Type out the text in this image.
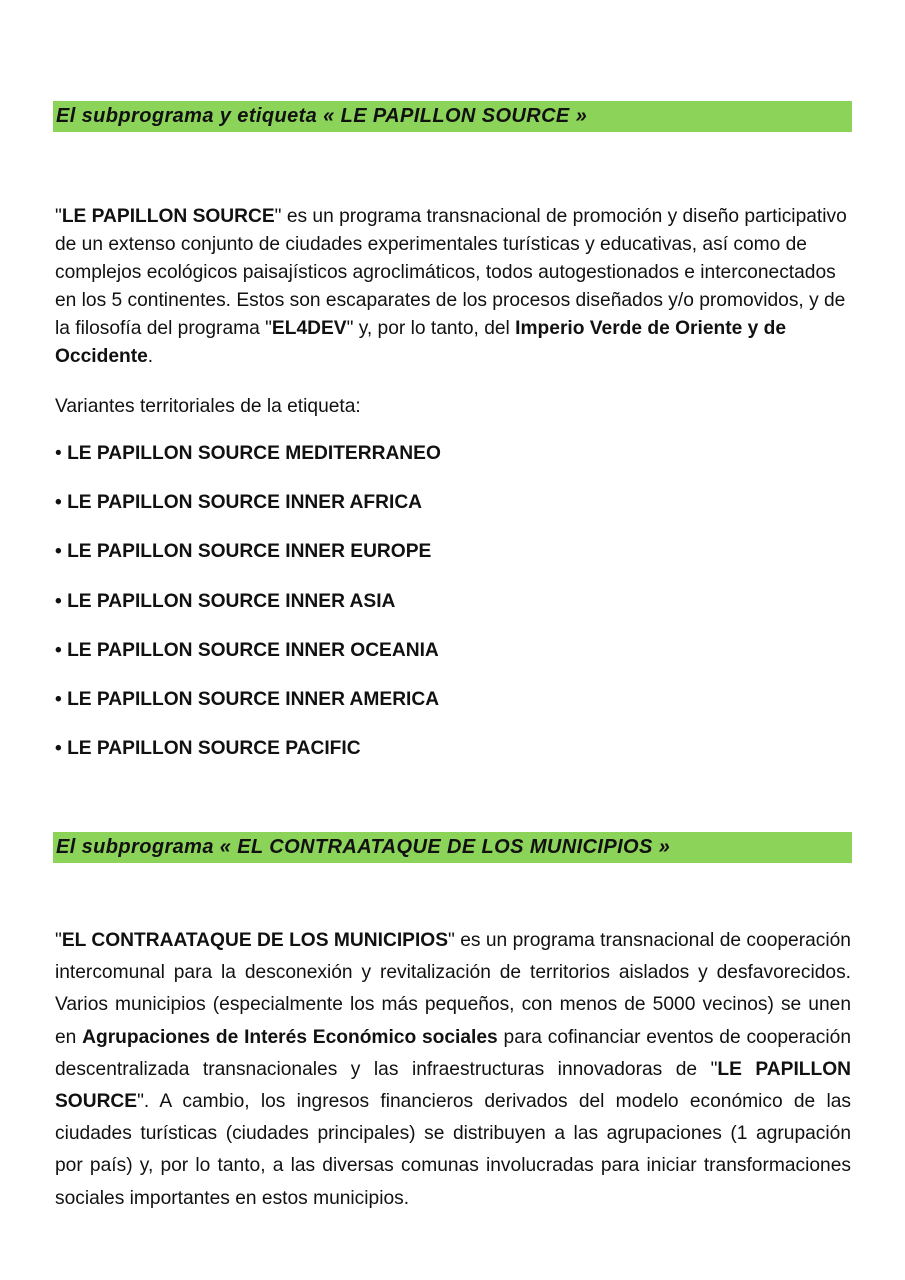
El subprograma y etiqueta « LE PAPILLON SOURCE »

"LE PAPILLON SOURCE" es un programa transnacional de promoción y diseño participativo de un extenso conjunto de ciudades experimentales turísticas y educativas, así como de complejos ecológicos paisajísticos agroclimáticos, todos autogestionados e interconectados en los 5 continentes. Estos son escaparates de los procesos diseñados y/o promovidos, y de la filosofía del programa "EL4DEV" y, por lo tanto, del Imperio Verde de Oriente y de Occidente.

Variantes territoriales de la etiqueta:

• LE PAPILLON SOURCE MEDITERRANEO
• LE PAPILLON SOURCE INNER AFRICA
• LE PAPILLON SOURCE INNER EUROPE
• LE PAPILLON SOURCE INNER ASIA
• LE PAPILLON SOURCE INNER OCEANIA
• LE PAPILLON SOURCE INNER AMERICA
• LE PAPILLON SOURCE PACIFIC
El subprograma « EL CONTRAATAQUE DE LOS MUNICIPIOS »

"EL CONTRAATAQUE DE LOS MUNICIPIOS" es un programa transnacional de cooperación intercomunal para la desconexión y revitalización de territorios aislados y desfavorecidos. Varios municipios (especialmente los más pequeños, con menos de 5000 vecinos) se unen en Agrupaciones de Interés Económico sociales para cofinanciar eventos de cooperación descentralizada transnacionales y las infraestructuras innovadoras de "LE PAPILLON SOURCE". A cambio, los ingresos financieros derivados del modelo económico de las ciudades turísticas (ciudades principales) se distribuyen a las agrupaciones (1 agrupación por país) y, por lo tanto, a las diversas comunas involucradas para iniciar transformaciones sociales importantes en estos municipios.
